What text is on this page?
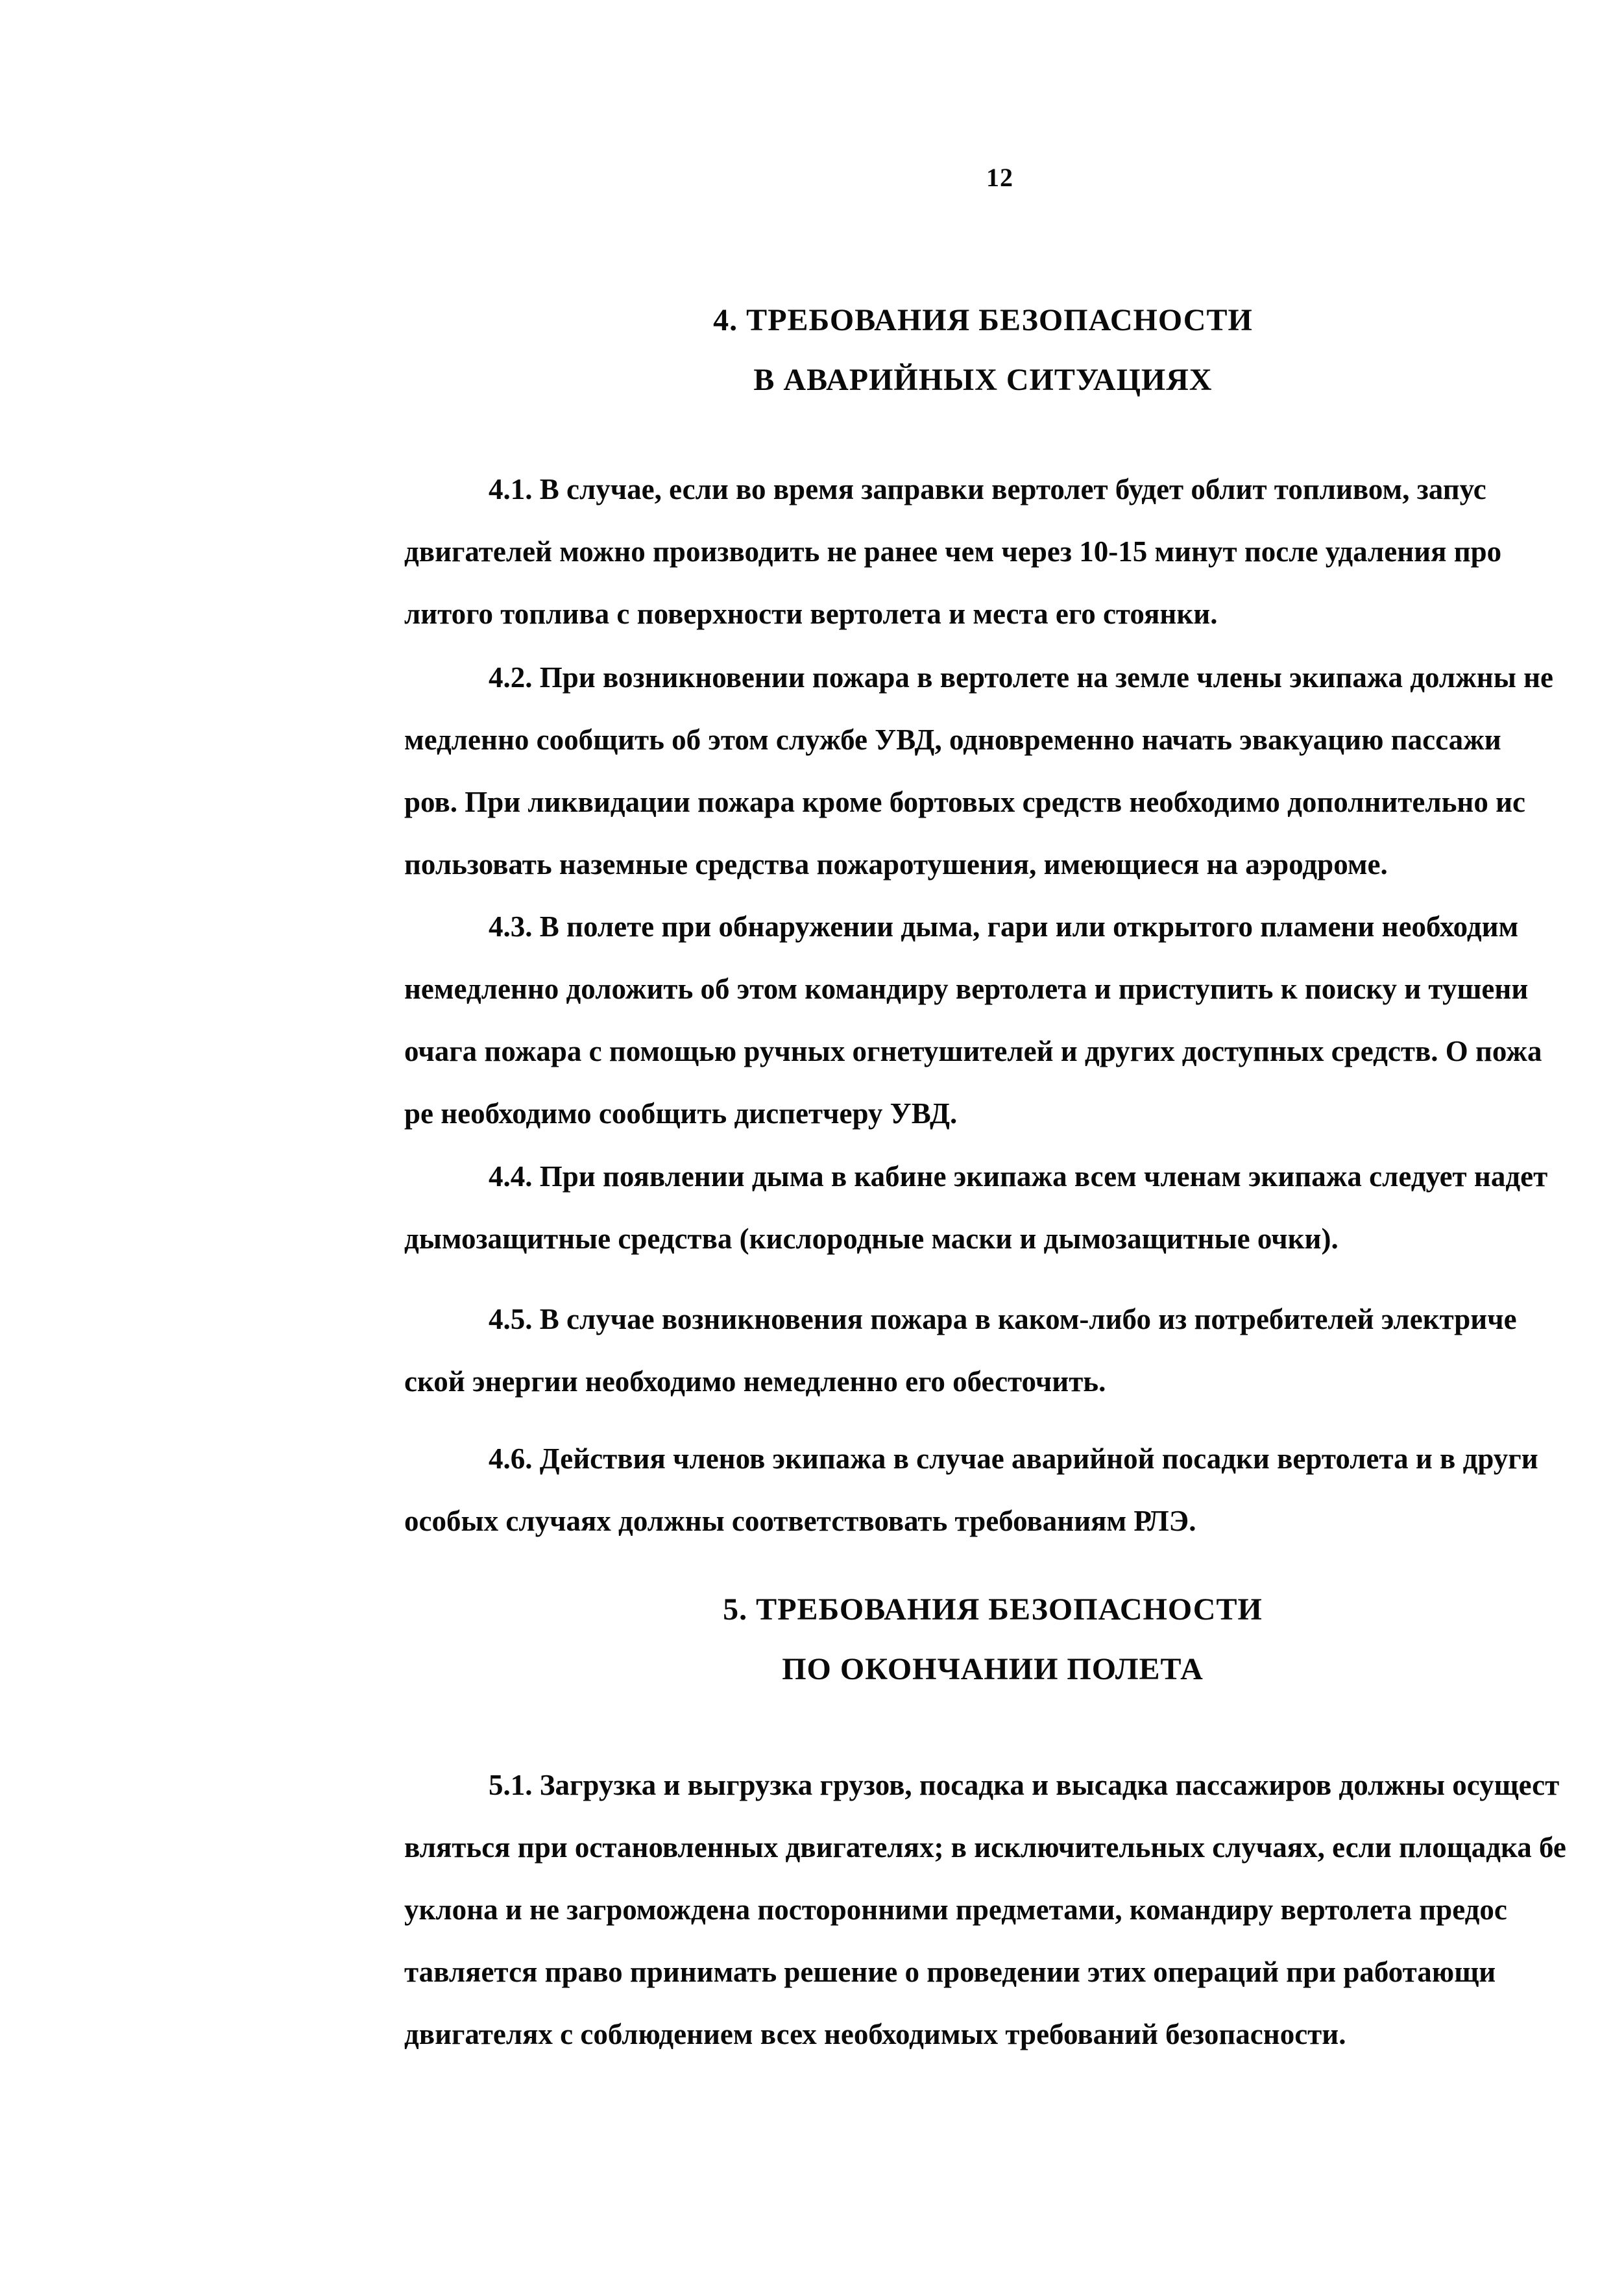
12
4. ТРЕБОВАНИЯ БЕЗОПАСНОСТИ
В АВАРИЙНЫХ СИТУАЦИЯХ
4.1. В случае, если во время заправки вертолет будет облит топливом, запус
двигателей можно производить не ранее чем через 10-15 минут после удаления про
литого топлива с поверхности вертолета и места его стоянки.
4.2. При возникновении пожара в вертолете на земле члены экипажа должны не
медленно сообщить об этом службе УВД, одновременно начать эвакуацию пассажи
ров. При ликвидации пожара кроме бортовых средств необходимо дополнительно ис
пользовать наземные средства пожаротушения, имеющиеся на аэродроме.
4.3. В полете при обнаружении дыма, гари или открытого пламени необходим
немедленно доложить об этом командиру вертолета и приступить к поиску и тушени
очага пожара с помощью ручных огнетушителей и других доступных средств. О пожа
ре необходимо сообщить диспетчеру УВД.
4.4. При появлении дыма в кабине экипажа всем членам экипажа следует надет
дымозащитные средства (кислородные маски и дымозащитные очки).
4.5. В случае возникновения пожара в каком-либо из потребителей электриче
ской энергии необходимо немедленно его обесточить.
4.6. Действия членов экипажа в случае аварийной посадки вертолета и в други
особых случаях должны соответствовать требованиям РЛЭ.
5. ТРЕБОВАНИЯ БЕЗОПАСНОСТИ
ПО ОКОНЧАНИИ ПОЛЕТА
5.1. Загрузка и выгрузка грузов, посадка и высадка пассажиров должны осущест
вляться при остановленных двигателях; в исключительных случаях, если площадка бе
уклона и не загромождена посторонними предметами, командиру вертолета предос
тавляется право принимать решение о проведении этих операций при работающи
двигателях с соблюдением всех необходимых требований безопасности.
